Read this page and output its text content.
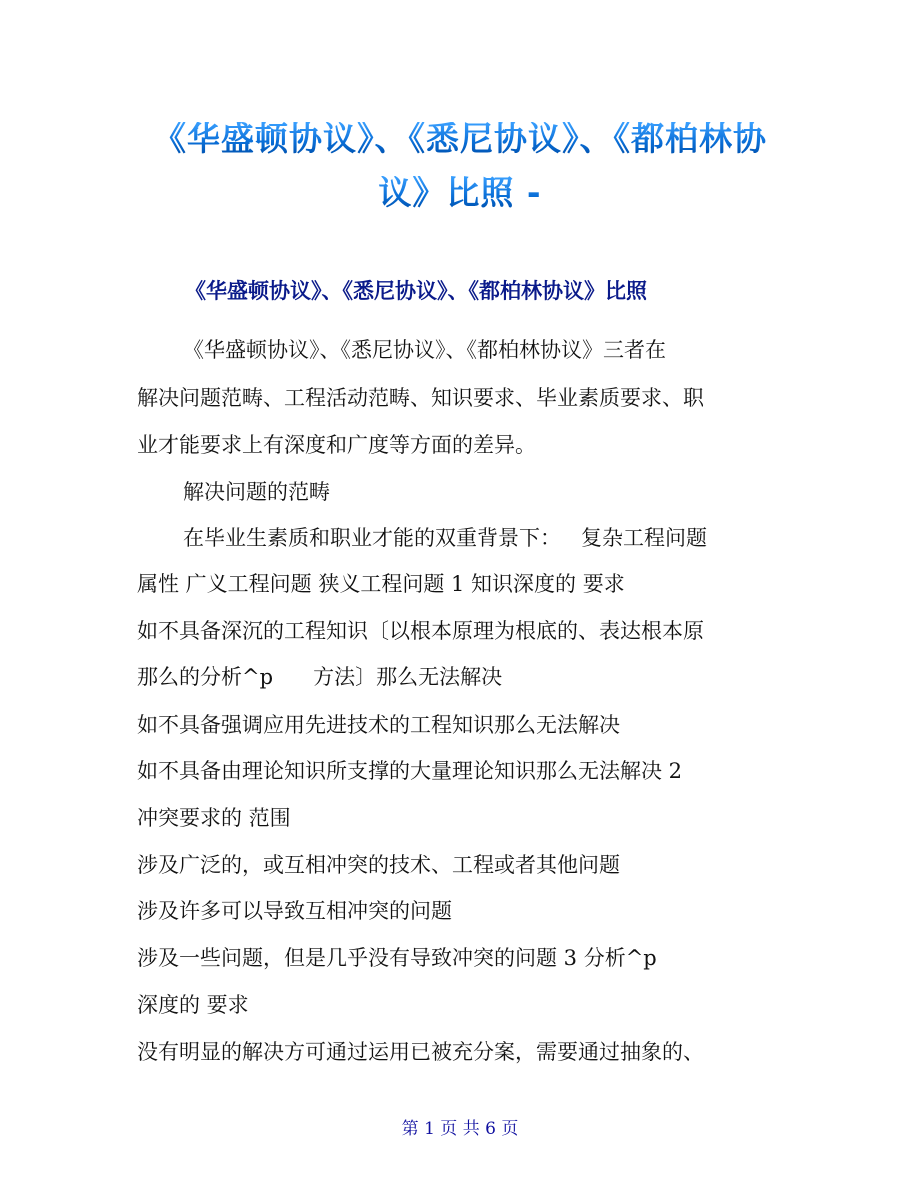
《华盛顿协议》、《悉尼协议》、《都柏林协
议》比照 -
《华盛顿协议》、《悉尼协议》、《都柏林协议》比照
《华盛顿协议》、《悉尼协议》、《都柏林协议》三者在
解决问题范畴、工程活动范畴、知识要求、毕业素质要求、职
业才能要求上有深度和广度等方面的差异。
解决问题的范畴
在毕业生素质和职业才能的双重背景下：   复杂工程问题
属性 广义工程问题 狭义工程问题 1 知识深度的 要求
如不具备深沉的工程知识〔以根本原理为根底的、表达根本原
那么的分析^p      方法〕那么无法解决
如不具备强调应用先进技术的工程知识那么无法解决
如不具备由理论知识所支撑的大量理论知识那么无法解决 2
冲突要求的 范围
涉及广泛的，或互相冲突的技术、工程或者其他问题
涉及许多可以导致互相冲突的问题
涉及一些问题，但是几乎没有导致冲突的问题 3 分析^p
深度的 要求
没有明显的解决方可通过运用已被充分案，需要通过抽象的、
第 1 页 共 6 页
